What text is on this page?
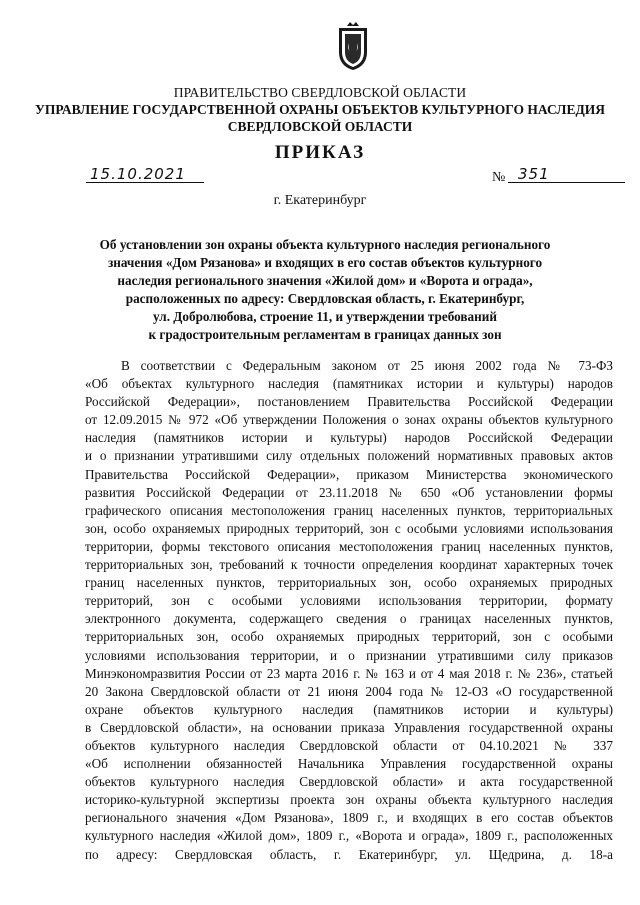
ПРАВИТЕЛЬСТВО СВЕРДЛОВСКОЙ ОБЛАСТИ
УПРАВЛЕНИЕ ГОСУДАРСТВЕННОЙ ОХРАНЫ ОБЪЕКТОВ КУЛЬТУРНОГО НАСЛЕДИЯ
СВЕРДЛОВСКОЙ ОБЛАСТИ
ПРИКАЗ
15.10.2021	№ 351
г. Екатеринбург
Об установлении зон охраны объекта культурного наследия регионального
значения «Дом Рязанова» и входящих в его состав объектов культурного
наследия регионального значения «Жилой дом» и «Ворота и ограда»,
расположенных по адресу: Свердловская область, г. Екатеринбург,
ул. Добролюбова, строение 11, и утверждении требований
к градостроительным регламентам в границах данных зон
В соответствии с Федеральным законом от 25 июня 2002 года № 73-ФЗ
«Об объектах культурного наследия (памятниках истории и культуры) народов
Российской Федерации», постановлением Правительства Российской Федерации
от 12.09.2015 № 972 «Об утверждении Положения о зонах охраны объектов культурного
наследия (памятников истории и культуры) народов Российской Федерации
и о признании утратившими силу отдельных положений нормативных правовых актов
Правительства Российской Федерации», приказом Министерства экономического
развития Российской Федерации от 23.11.2018 № 650 «Об установлении формы
графического описания местоположения границ населенных пунктов, территориальных
зон, особо охраняемых природных территорий, зон с особыми условиями использования
территории, формы текстового описания местоположения границ населенных пунктов,
территориальных зон, требований к точности определения координат характерных точек
границ населенных пунктов, территориальных зон, особо охраняемых природных
территорий, зон с особыми условиями использования территории, формату
электронного документа, содержащего сведения о границах населенных пунктов,
территориальных зон, особо охраняемых природных территорий, зон с особыми
условиями использования территории, и о признании утратившими силу приказов
Минэкономразвития России от 23 марта 2016 г. № 163 и от 4 мая 2018 г. № 236», статьей
20 Закона Свердловской области от 21 июня 2004 года № 12-ОЗ «О государственной
охране объектов культурного наследия (памятников истории и культуры)
в Свердловской области», на основании приказа Управления государственной охраны
объектов культурного наследия Свердловской области от 04.10.2021 № 337
«Об исполнении обязанностей Начальника Управления государственной охраны
объектов культурного наследия Свердловской области» и акта государственной
историко-культурной экспертизы проекта зон охраны объекта культурного наследия
регионального значения «Дом Рязанова», 1809 г., и входящих в его состав объектов
культурного наследия «Жилой дом», 1809 г., «Ворота и ограда», 1809 г., расположенных
по адресу: Свердловская область, г. Екатеринбург, ул. Щедрина, д. 18-а
